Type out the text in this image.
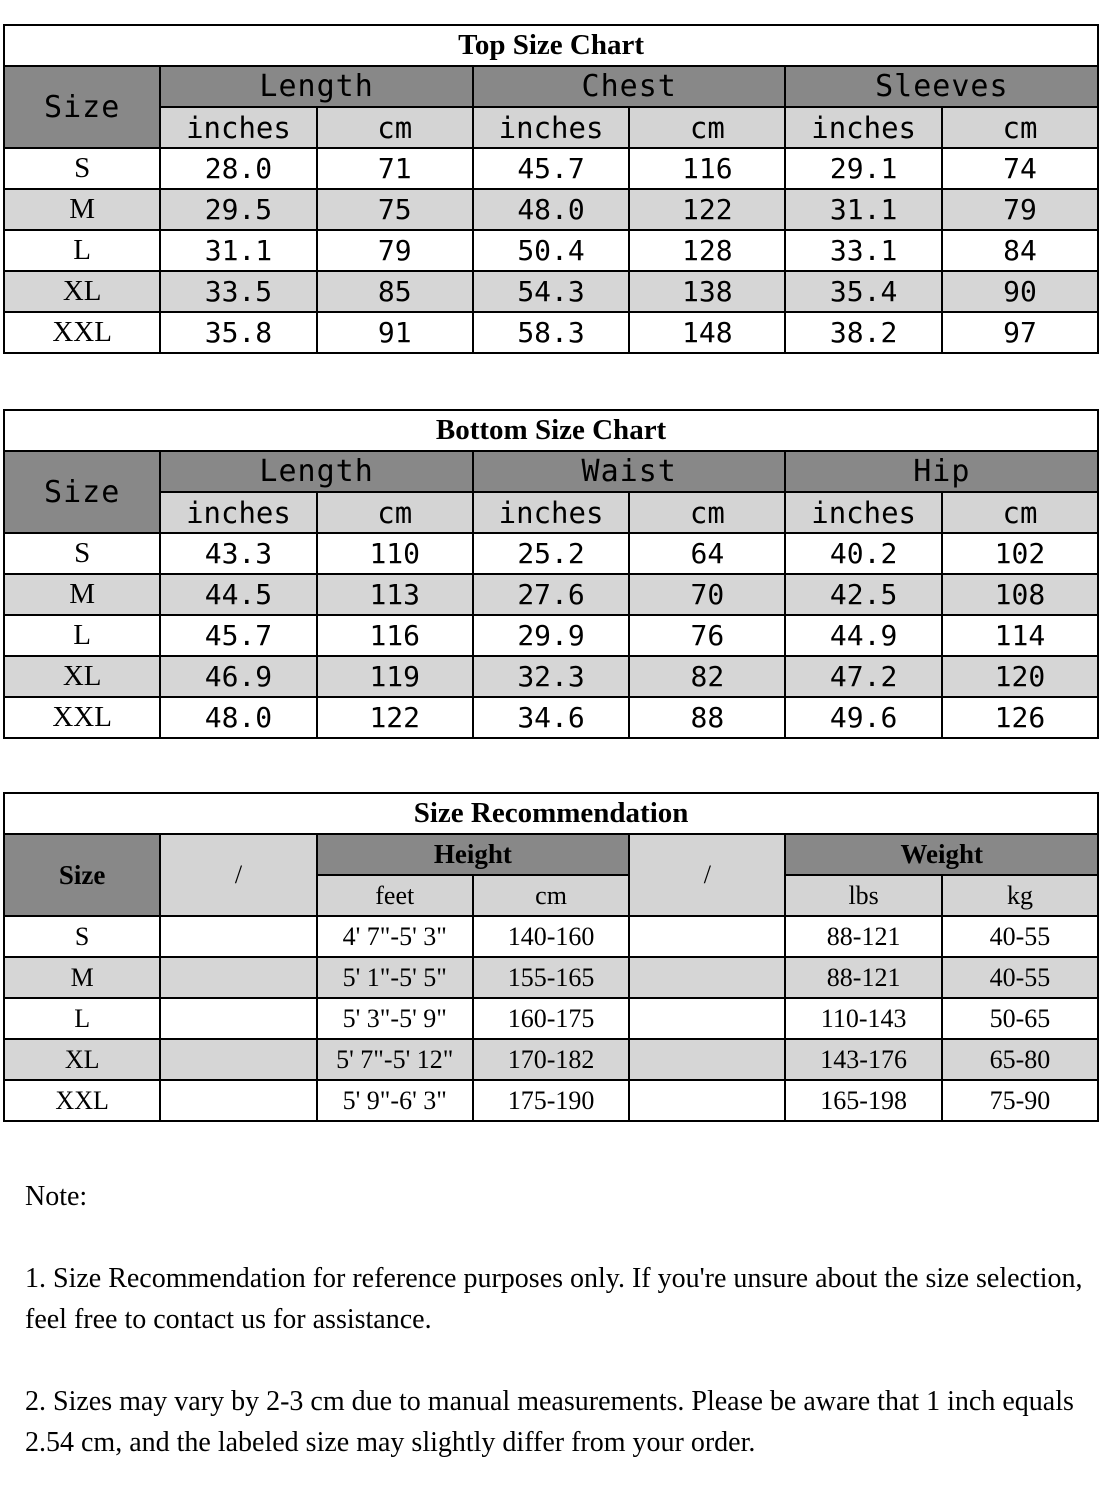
Top Size Chart						
Size	Length		Chest		Sleeves	
	inches	cm	inches	cm	inches	cm
S	28.0	71	45.7	116	29.1	74
M	29.5	75	48.0	122	31.1	79
L	31.1	79	50.4	128	33.1	84
XL	33.5	85	54.3	138	35.4	90
XXL	35.8	91	58.3	148	38.2	97
Bottom Size Chart						
Size	Length		Waist		Hip	
	inches	cm	inches	cm	inches	cm
S	43.3	110	25.2	64	40.2	102
M	44.5	113	27.6	70	42.5	108
L	45.7	116	29.9	76	44.9	114
XL	46.9	119	32.3	82	47.2	120
XXL	48.0	122	34.6	88	49.6	126
Size Recommendation						
Size	/	Height		/	Weight	
		feet	cm		lbs	kg
S		4' 7"-5' 3"	140-160		88-121	40-55
M		5' 1"-5' 5"	155-165		88-121	40-55
L		5' 3"-5' 9"	160-175		110-143	50-65
XL		5' 7"-5' 12"	170-182		143-176	65-80
XXL		5' 9"-6' 3"	175-190		165-198	75-90

Note:

1. Size Recommendation for reference purposes only. If you're unsure about the size selection, feel free to contact us for assistance.

2. Sizes may vary by 2-3 cm due to manual measurements. Please be aware that 1 inch equals 2.54 cm, and the labeled size may slightly differ from your order.
